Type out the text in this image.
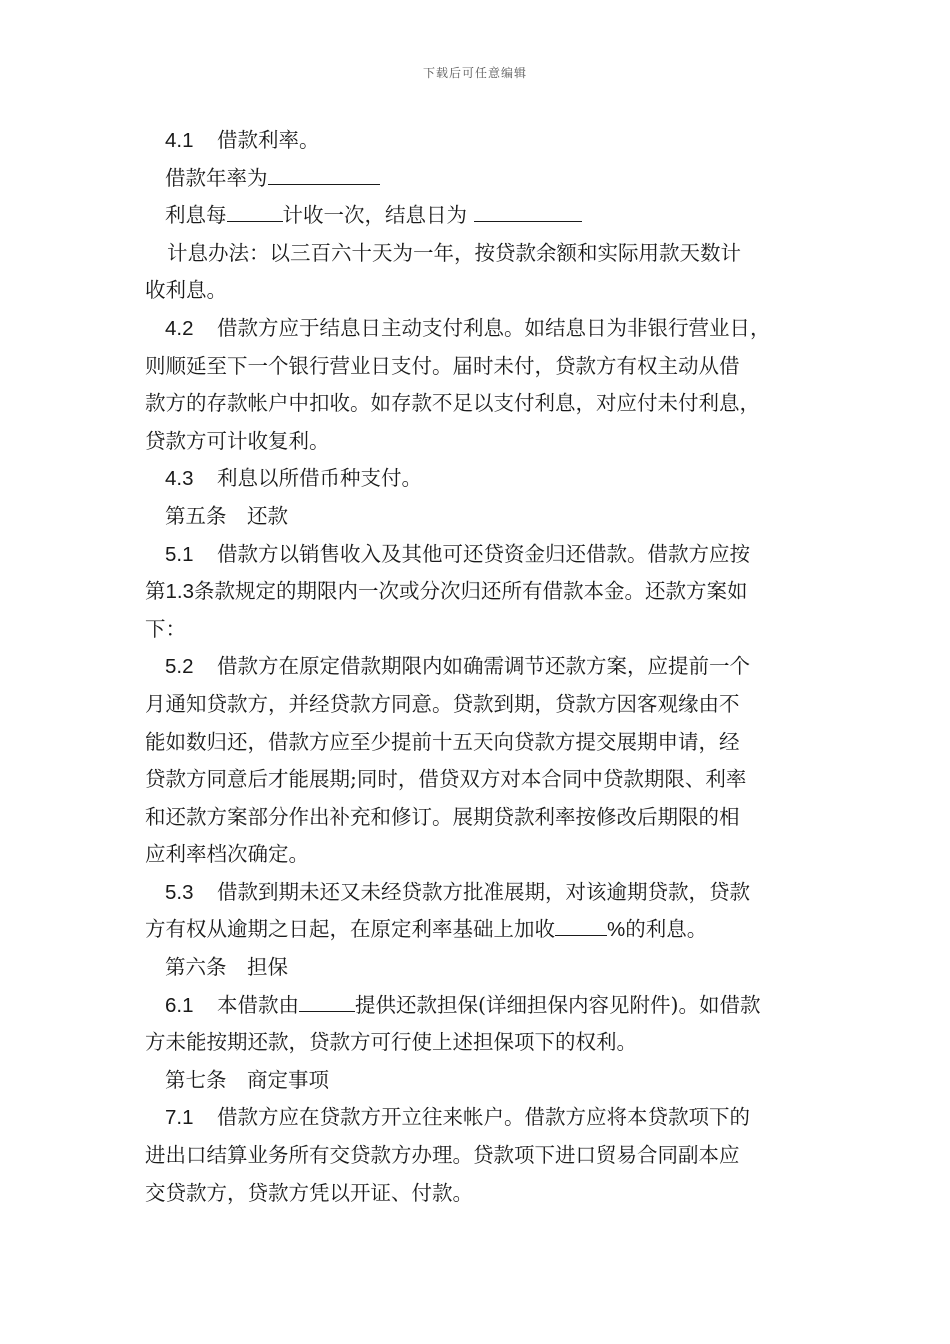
下载后可任意编辑

4.1 借款利率。

借款年率为

利息每	计收一次，结息日为

计息办法：以三百六十天为一年，按贷款余额和实际用款天数计

收利息。

4.2 借款方应于结息日主动支付利息。如结息日为非银行营业日，

则顺延至下一个银行营业日支付。届时未付，贷款方有权主动从借

款方的存款帐户中扣收。如存款不足以支付利息，对应付未付利息，

贷款方可计收复利。

4.3 利息以所借币种支付。

第五条　还款

5.1 借款方以销售收入及其他可还贷资金归还借款。借款方应按

第1.3条款规定的期限内一次或分次归还所有借款本金。还款方案如

下：

5.2 借款方在原定借款期限内如确需调节还款方案，应提前一个

月通知贷款方，并经贷款方同意。贷款到期，贷款方因客观缘由不

能如数归还，借款方应至少提前十五天向贷款方提交展期申请，经

贷款方同意后才能展期;同时，借贷双方对本合同中贷款期限、利率

和还款方案部分作出补充和修订。展期贷款利率按修改后期限的相

应利率档次确定。

5.3 借款到期未还又未经贷款方批准展期，对该逾期贷款，贷款

方有权从逾期之日起，在原定利率基础上加收	%的利息。

第六条　担保

6.1 本借款由	提供还款担保(详细担保内容见附件)。如借款

方未能按期还款，贷款方可行使上述担保项下的权利。

第七条　商定事项

7.1 借款方应在贷款方开立往来帐户。借款方应将本贷款项下的

进出口结算业务所有交贷款方办理。贷款项下进口贸易合同副本应

交贷款方，贷款方凭以开证、付款。
